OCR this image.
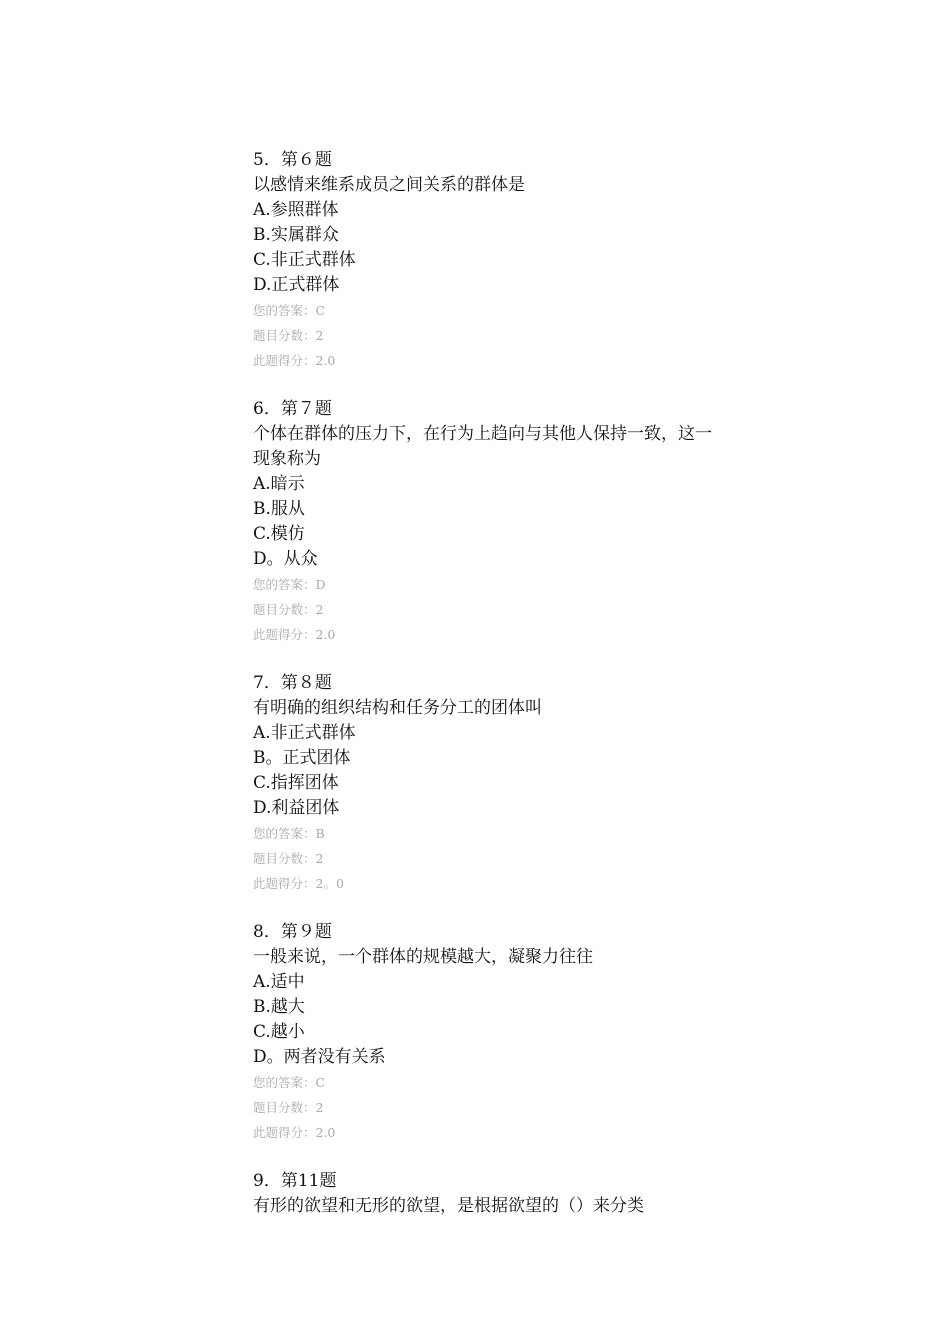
5．第６题

以感情来维系成员之间关系的群体是

A.参照群体

B.实属群众

C.非正式群体

D.正式群体

您的答案：C

题目分数：2

此题得分：2.0

6．第７题

个体在群体的压力下，在行为上趋向与其他人保持一致，这一现象称为

A.暗示

B.服从

C.模仿

D。从众

您的答案：D

题目分数：2

此题得分：2.0

7．第８题

有明确的组织结构和任务分工的团体叫

A.非正式群体

B。正式团体

C.指挥团体

D.利益团体

您的答案：B

题目分数：2

此题得分：2。0

8．第９题

一般来说，一个群体的规模越大，凝聚力往往

A.适中

B.越大

C.越小

D。两者没有关系

您的答案：C

题目分数：2

此题得分：2.0

9．第11题

有形的欲望和无形的欲望，是根据欲望的（）来分类
